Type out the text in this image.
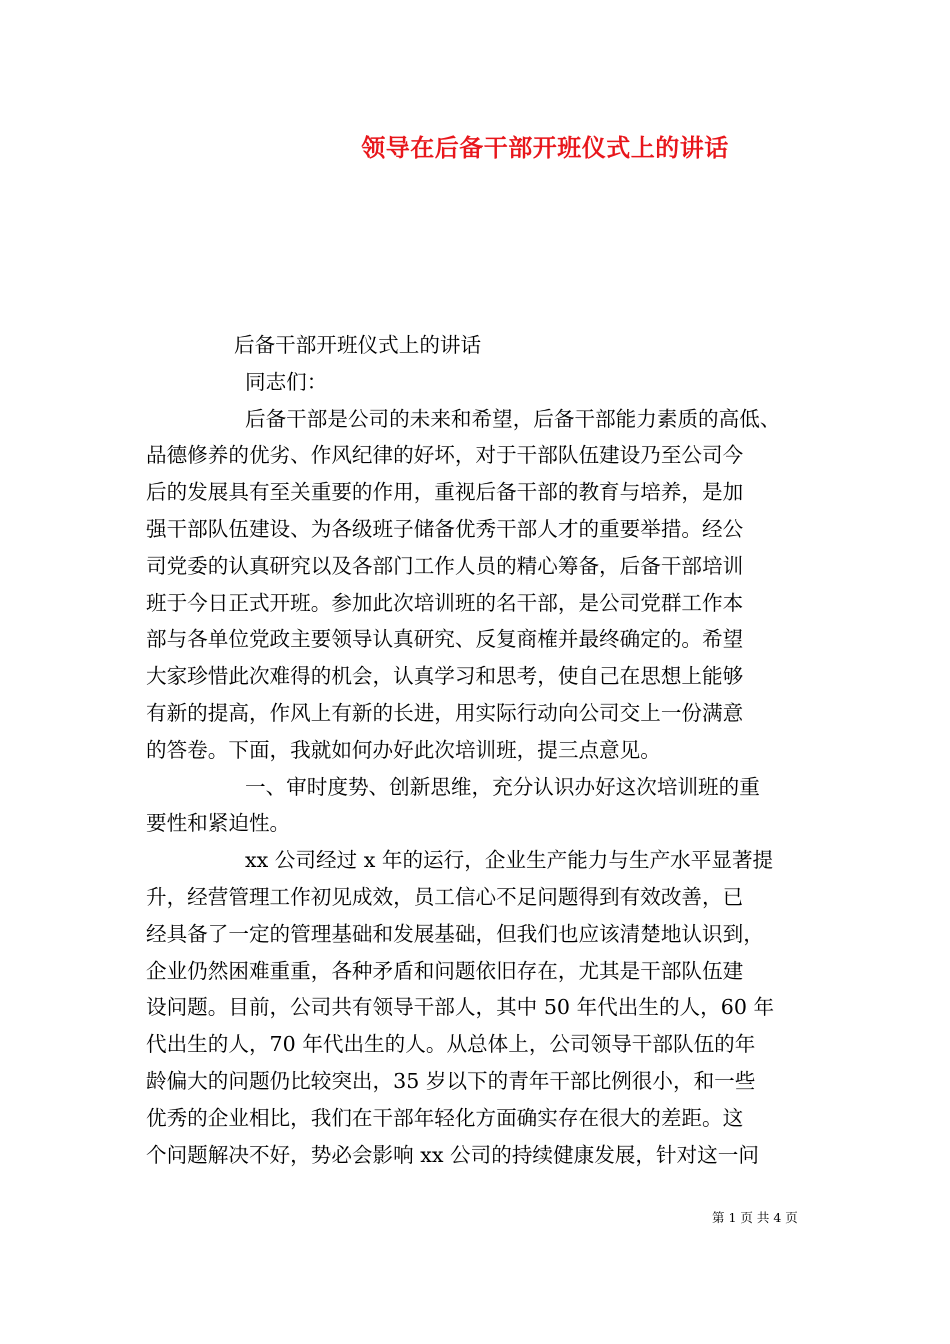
领导在后备干部开班仪式上的讲话
后备干部开班仪式上的讲话
同志们：
后备干部是公司的未来和希望，后备干部能力素质的高低、
品德修养的优劣、作风纪律的好坏，对于干部队伍建设乃至公司今
后的发展具有至关重要的作用，重视后备干部的教育与培养，是加
强干部队伍建设、为各级班子储备优秀干部人才的重要举措。经公
司党委的认真研究以及各部门工作人员的精心筹备，后备干部培训
班于今日正式开班。参加此次培训班的名干部，是公司党群工作本
部与各单位党政主要领导认真研究、反复商榷并最终确定的。希望
大家珍惜此次难得的机会，认真学习和思考，使自己在思想上能够
有新的提高，作风上有新的长进，用实际行动向公司交上一份满意
的答卷。下面，我就如何办好此次培训班，提三点意见。
一、审时度势、创新思维，充分认识办好这次培训班的重
要性和紧迫性。
xx 公司经过 x 年的运行，企业生产能力与生产水平显著提
升，经营管理工作初见成效，员工信心不足问题得到有效改善，已
经具备了一定的管理基础和发展基础，但我们也应该清楚地认识到，
企业仍然困难重重，各种矛盾和问题依旧存在，尤其是干部队伍建
设问题。目前，公司共有领导干部人，其中 50 年代出生的人，60 年
代出生的人，70 年代出生的人。从总体上，公司领导干部队伍的年
龄偏大的问题仍比较突出，35 岁以下的青年干部比例很小，和一些
优秀的企业相比，我们在干部年轻化方面确实存在很大的差距。这
个问题解决不好，势必会影响 xx 公司的持续健康发展，针对这一问
第 1 页 共 4 页
